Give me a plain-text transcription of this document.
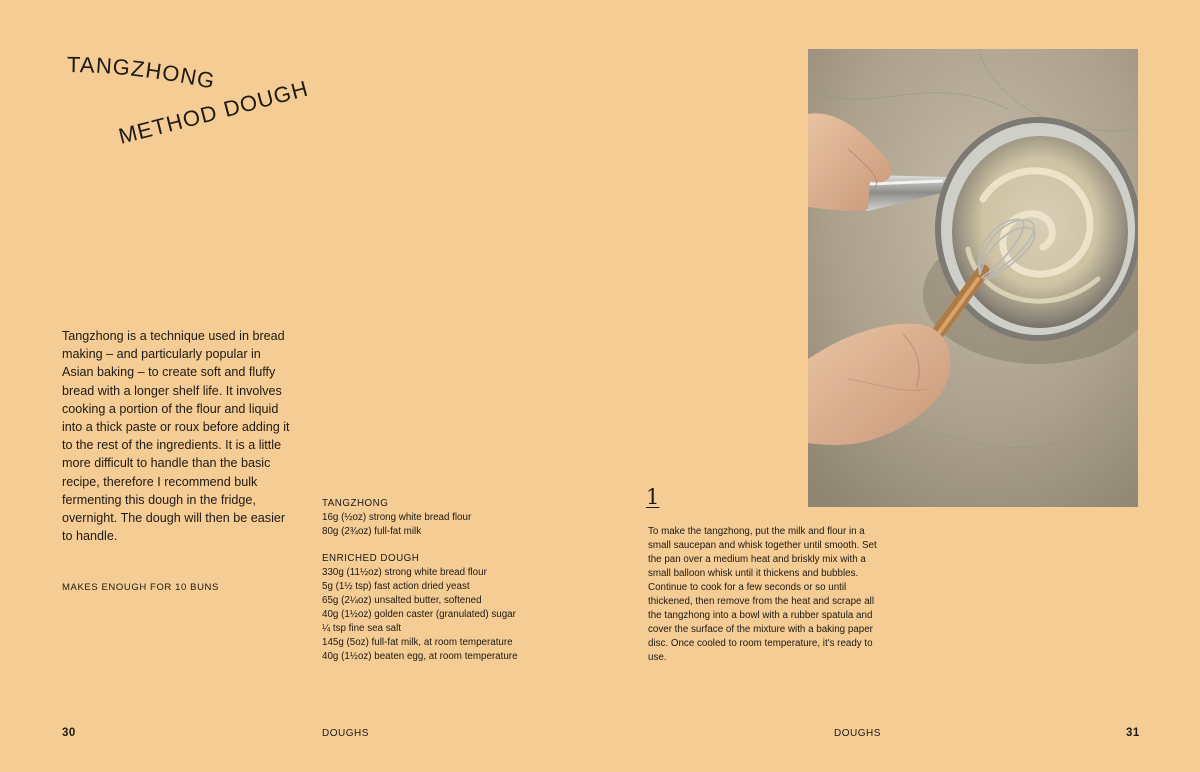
TANGZHONG
METHOD DOUGH
Tangzhong is a technique used in bread making – and particularly popular in Asian baking – to create soft and fluffy bread with a longer shelf life. It involves cooking a portion of the flour and liquid into a thick paste or roux before adding it to the rest of the ingredients. It is a little more difficult to handle than the basic recipe, therefore I recommend bulk fermenting this dough in the fridge, overnight. The dough will then be easier to handle.
MAKES ENOUGH FOR 10 BUNS
TANGZHONG
16g (½oz) strong white bread flour
80g (2¾oz) full-fat milk
ENRICHED DOUGH
330g (11½oz) strong white bread flour
5g (1½ tsp) fast action dried yeast
65g (2¼oz) unsalted butter, softened
40g (1½oz) golden caster (granulated) sugar
¼ tsp fine sea salt
145g (5oz) full-fat milk, at room temperature
40g (1½oz) beaten egg, at room temperature
1
To make the tangzhong, put the milk and flour in a small saucepan and whisk together until smooth. Set the pan over a medium heat and briskly mix with a small balloon whisk until it thickens and bubbles. Continue to cook for a few seconds or so until thickened, then remove from the heat and scrape all the tangzhong into a bowl with a rubber spatula and cover the surface of the mixture with a baking paper disc. Once cooled to room temperature, it's ready to use.
30	DOUGHS	DOUGHS	31
